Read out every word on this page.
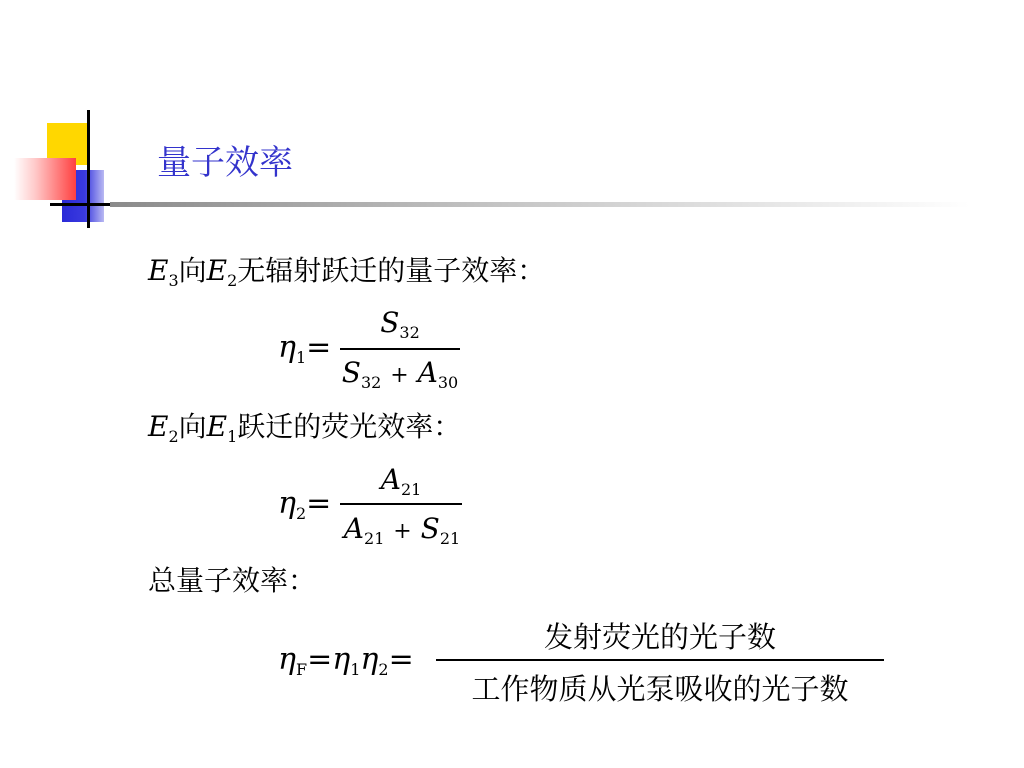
量子效率
$E_3$向$E_2$无辐射跃迁的量子效率：
$\eta_1=$
$S_{32}$
$S_{32} + A_{30}$
$E_2$向$E_1$跃迁的荧光效率：
$\eta_2=$
$A_{21}$
$A_{21} + S_{21}$
总量子效率：
$\eta_F=\eta_1\eta_2=$
发射荧光的光子数
工作物质从光泵吸收的光子数
